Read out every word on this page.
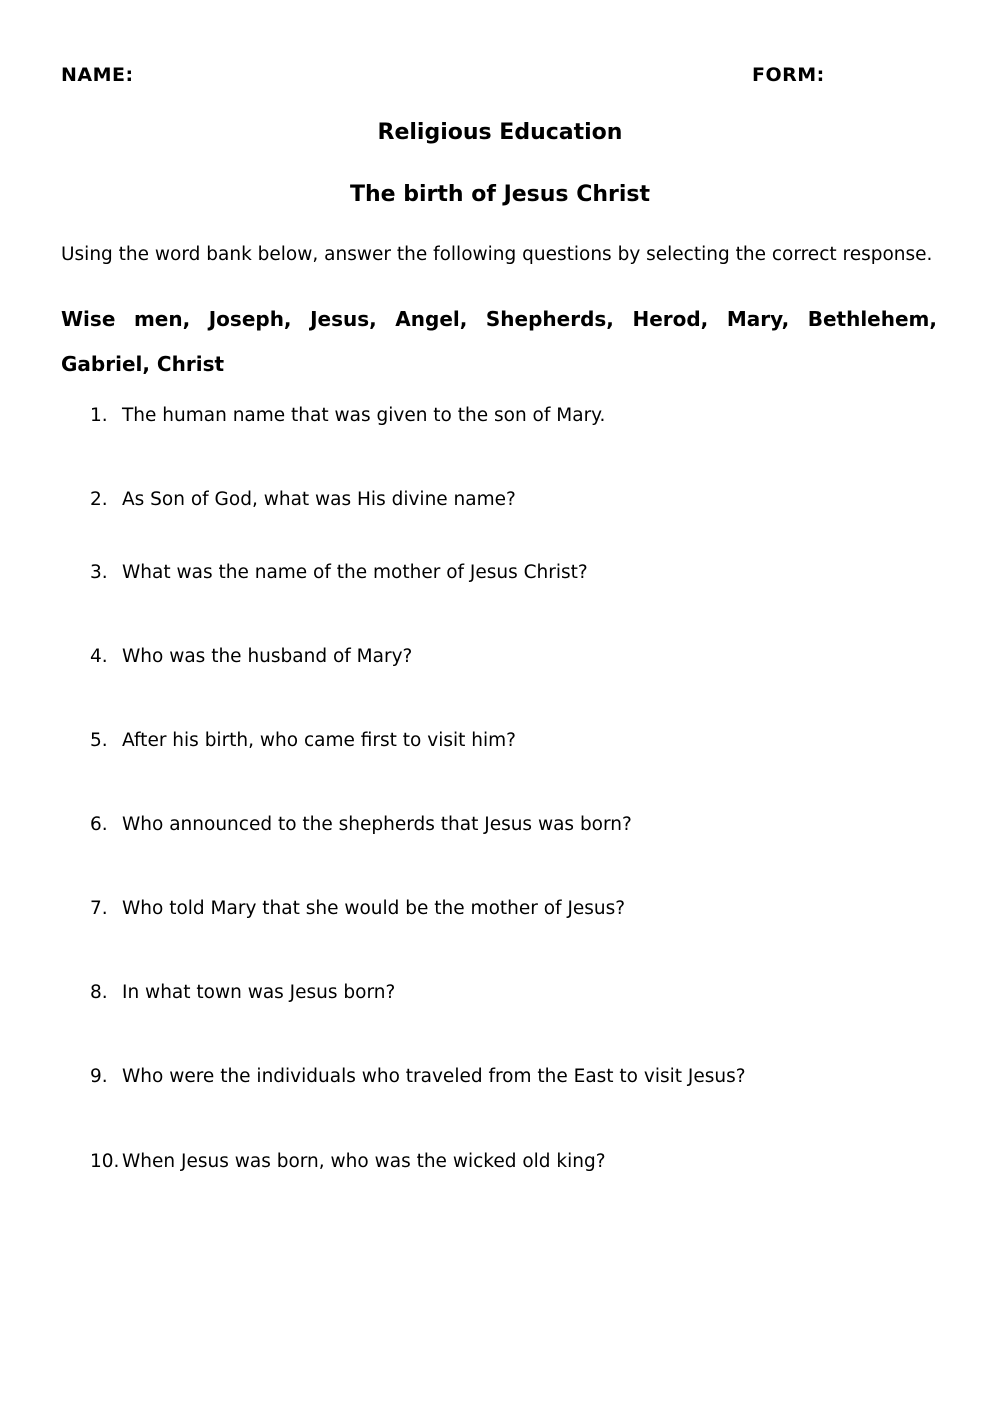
NAME:	FORM:
Religious Education
The birth of Jesus Christ
Using the word bank below, answer the following questions by selecting the correct response.
Wise men, Joseph, Jesus, Angel, Shepherds, Herod, Mary, Bethlehem, Gabriel, Christ
1. The human name that was given to the son of Mary.
2. As Son of God, what was His divine name?
3. What was the name of the mother of Jesus Christ?
4. Who was the husband of Mary?
5. After his birth, who came first to visit him?
6. Who announced to the shepherds that Jesus was born?
7. Who told Mary that she would be the mother of Jesus?
8. In what town was Jesus born?
9. Who were the individuals who traveled from the East to visit Jesus?
10. When Jesus was born, who was the wicked old king?
